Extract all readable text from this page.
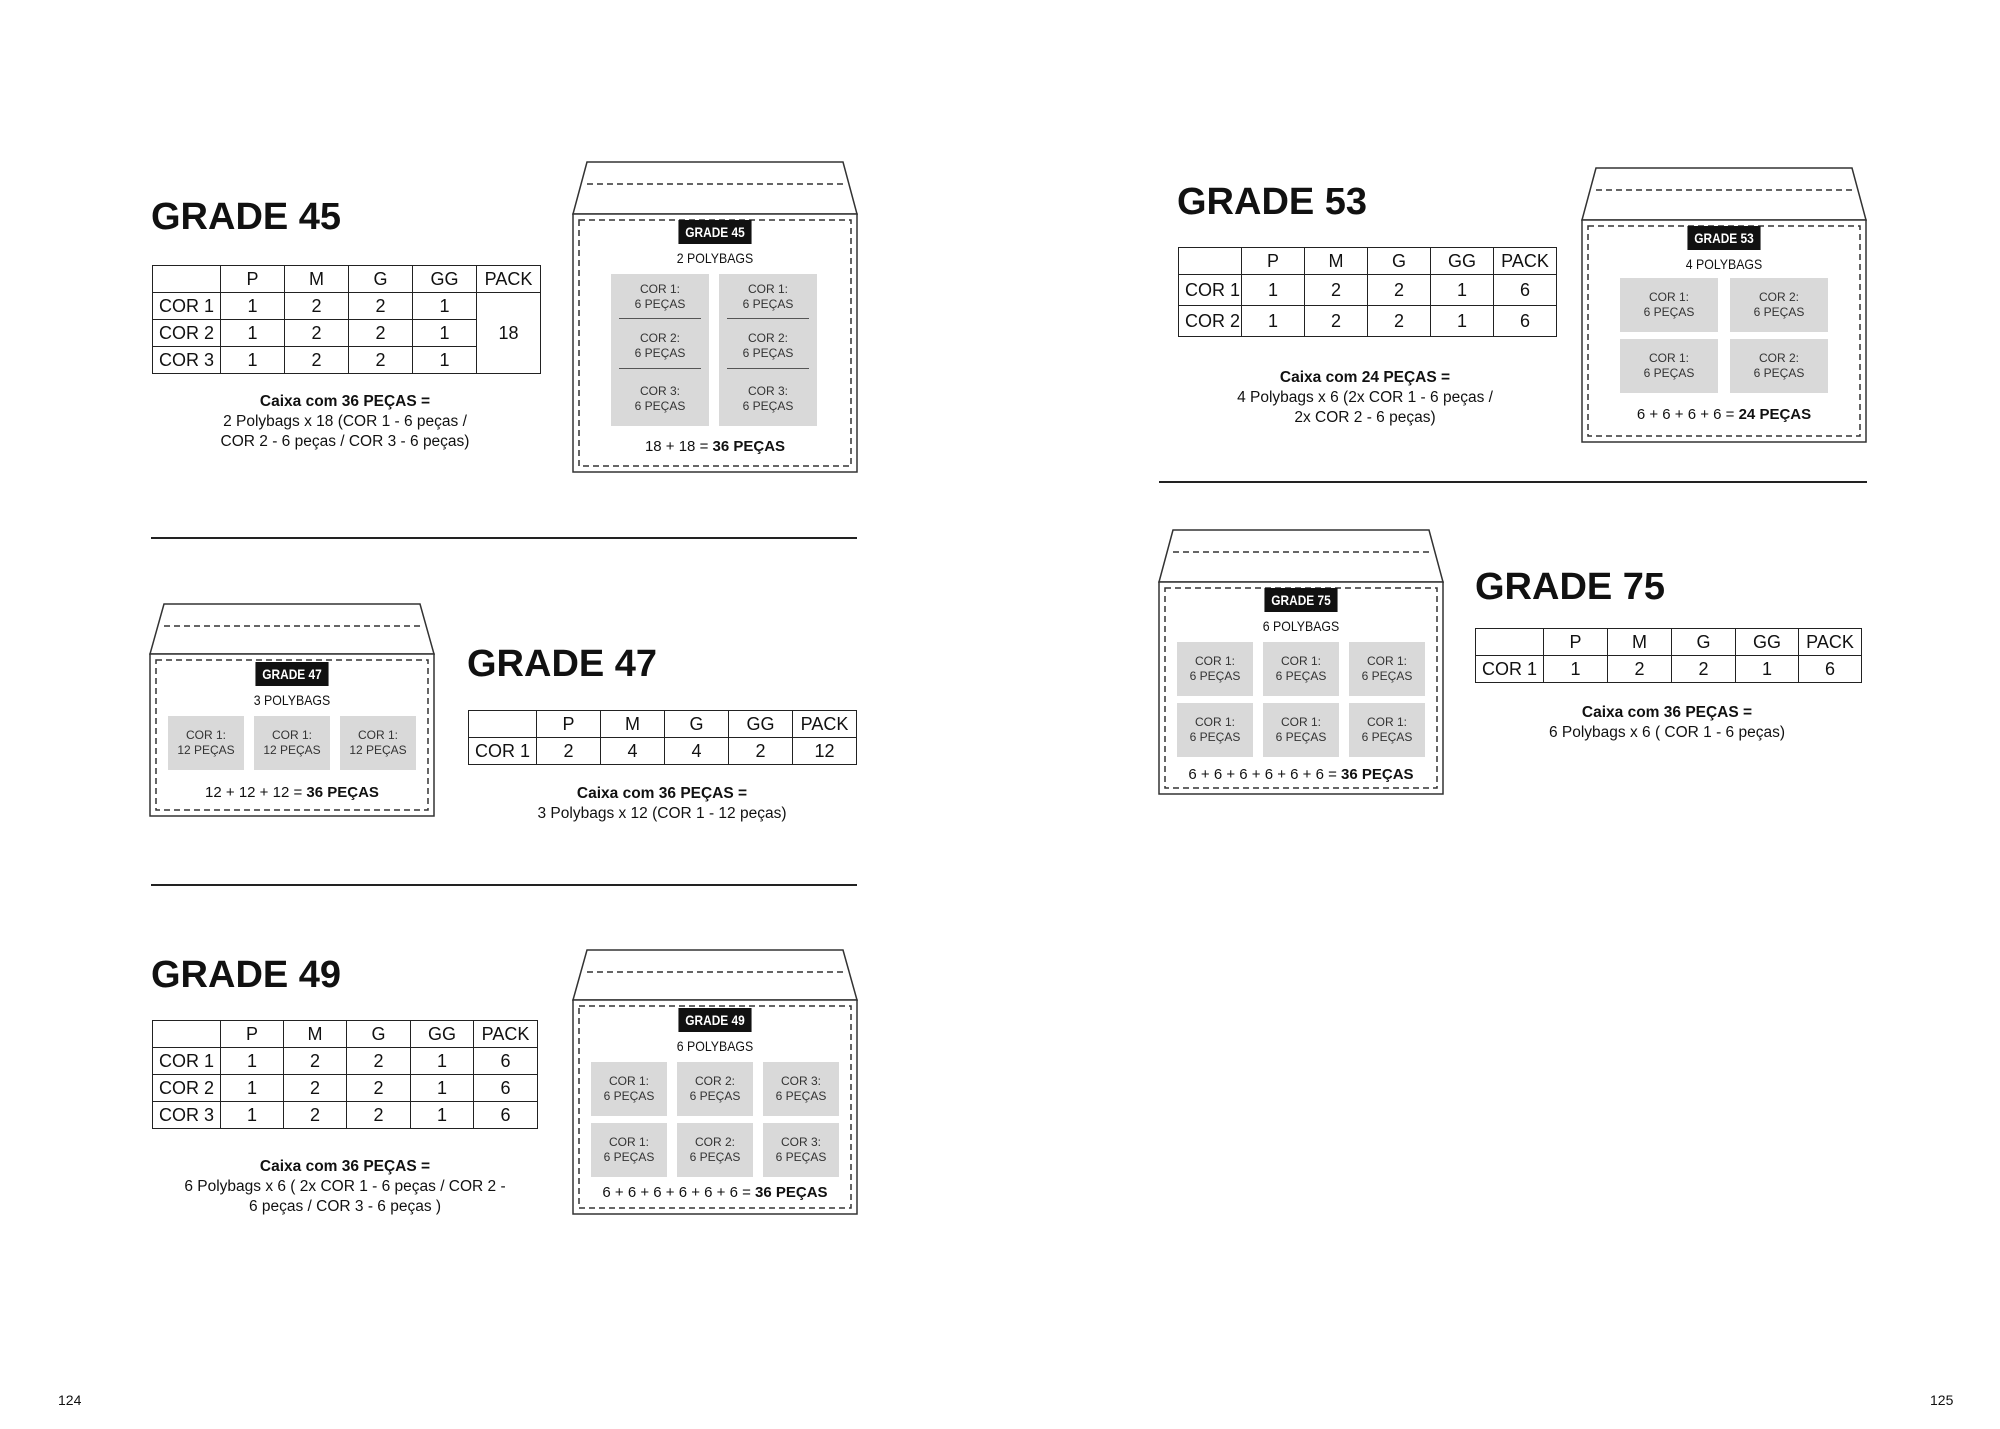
GRADE 45
	P	M	G	GG	PACK
COR 1	1	2	2	1	18
COR 2	1	2	2	1	
COR 3	1	2	2	1	
Caixa com 36 PEÇAS =
2 Polybags x 18 (COR 1 - 6 peças /
COR 2 - 6 peças / COR 3 - 6 peças)
GRADE 45
2 POLYBAGS
COR 1:
6 PEÇAS
COR 2:
6 PEÇAS
COR 3:
6 PEÇAS
COR 1:
6 PEÇAS
COR 2:
6 PEÇAS
COR 3:
6 PEÇAS
18 + 18 = 36 PEÇAS
GRADE 47
3 POLYBAGS
COR 1:
12 PEÇAS
COR 1:
12 PEÇAS
COR 1:
12 PEÇAS
12 + 12 + 12 = 36 PEÇAS
GRADE 47
	P	M	G	GG	PACK
COR 1	2	4	4	2	12
Caixa com 36 PEÇAS =
3 Polybags x 12 (COR 1 - 12 peças)
GRADE 49
	P	M	G	GG	PACK
COR 1	1	2	2	1	6
COR 2	1	2	2	1	6
COR 3	1	2	2	1	6
Caixa com 36 PEÇAS =
6 Polybags x 6 ( 2x COR 1 - 6 peças / COR 2 -
6 peças / COR 3 - 6 peças )
GRADE 49
6 POLYBAGS
COR 1:
6 PEÇAS
COR 2:
6 PEÇAS
COR 3:
6 PEÇAS
COR 1:
6 PEÇAS
COR 2:
6 PEÇAS
COR 3:
6 PEÇAS
6 + 6 + 6 + 6 + 6 + 6 = 36 PEÇAS
124
GRADE 53
	P	M	G	GG	PACK
COR 1	1	2	2	1	6
COR 2	1	2	2	1	6
Caixa com 24 PEÇAS =
4 Polybags x 6 (2x COR 1 - 6 peças /
2x COR 2 - 6 peças)
GRADE 53
4 POLYBAGS
COR 1:
6 PEÇAS
COR 2:
6 PEÇAS
COR 1:
6 PEÇAS
COR 2:
6 PEÇAS
6 + 6 + 6 + 6 = 24 PEÇAS
GRADE 75
6 POLYBAGS
COR 1:
6 PEÇAS
COR 1:
6 PEÇAS
COR 1:
6 PEÇAS
COR 1:
6 PEÇAS
COR 1:
6 PEÇAS
COR 1:
6 PEÇAS
6 + 6 + 6 + 6 + 6 + 6 = 36 PEÇAS
GRADE 75
	P	M	G	GG	PACK
COR 1	1	2	2	1	6
Caixa com 36 PEÇAS =
6 Polybags x 6 ( COR 1 - 6 peças)
125
